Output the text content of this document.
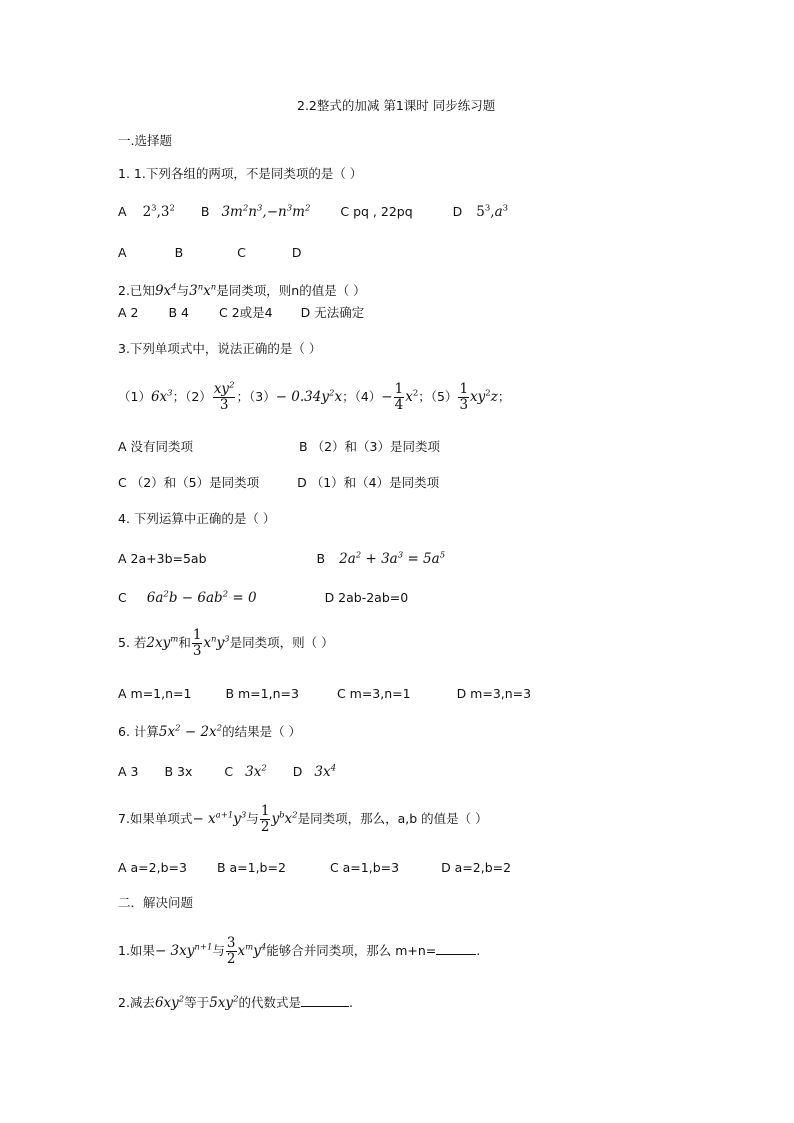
2.2整式的加减 第1课时 同步练习题
一.选择题
1. 1.下列各组的两项，不是同类项的是（ ）
A $2^3,3^2$ B $3m^2n^3,-n^3m^2$ C pq , 22pq	D $5^3,a^3$
A	B	C	D
2.已知$9x^4$与$3^nx^n$是同类项，则n的值是（ ）
A 2 B 4 C 2或是4 D 无法确定
3.下列单项式中，说法正确的是（ ）
$(1)6x^3$；$(2) \frac{xy^2}{3}$ ；$(3)- 0.34y^2x$；$(4)- \frac{1}{4} x^2$；$(5) \frac{1}{3} xy^2z$；
A 没有同类项	B （2）和（3）是同类项
C （2）和（5）是同类项	D （1）和（4）是同类项
4. 下列运算中正确的是（ ）
A 2a+3b=5ab	B $2a^2 + 3a^3 = 5a^5$
C $6a^2b - 6ab^2 = 0$	D 2ab-2ab=0
5. 若$2xy^m$和 $\frac{1}{3} x^ny^3$是同类项，则（ ）
A m=1,n=1	B m=1,n=3	C m=3,n=1	D m=3,n=3
6. 计算$5x^2 - 2x^2$的结果是（ ）
A 3 B 3x	C $3x^2$ D $3x^4$
7.如果单项式− $x^{a+1}y^3$与 $\frac{1}{2} y^bx^2$是同类项，那么，a,b 的值是（ ）
A a=2,b=3 B a=1,b=2	C a=1,b=3	D a=2,b=2
二．解决问题
1.如果− $3xy^{n+1}$与 $\frac{3}{2} x^my^4$能够合并同类项，那么 m+n=	.
2.减去$6xy^2$等于$5xy^2$的代数式是	.
